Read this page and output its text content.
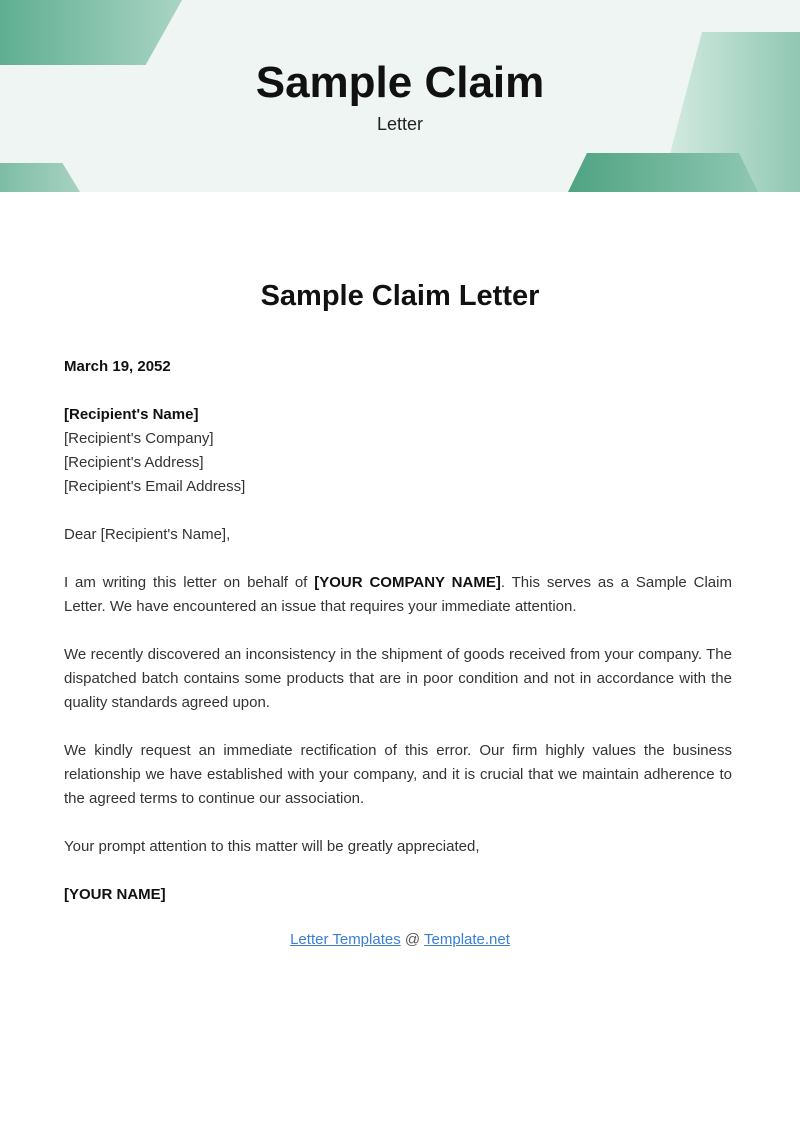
Sample Claim
Letter
Sample Claim Letter

March 19, 2052

[Recipient's Name]
[Recipient's Company]
[Recipient's Address]
[Recipient's Email Address]

Dear [Recipient's Name],

I am writing this letter on behalf of [YOUR COMPANY NAME]. This serves as a Sample Claim Letter. We have encountered an issue that requires your immediate attention.

We recently discovered an inconsistency in the shipment of goods received from your company. The dispatched batch contains some products that are in poor condition and not in accordance with the quality standards agreed upon.

We kindly request an immediate rectification of this error. Our firm highly values the business relationship we have established with your company, and it is crucial that we maintain adherence to the agreed terms to continue our association.

Your prompt attention to this matter will be greatly appreciated,

[YOUR NAME]

Letter Templates @ Template.net
